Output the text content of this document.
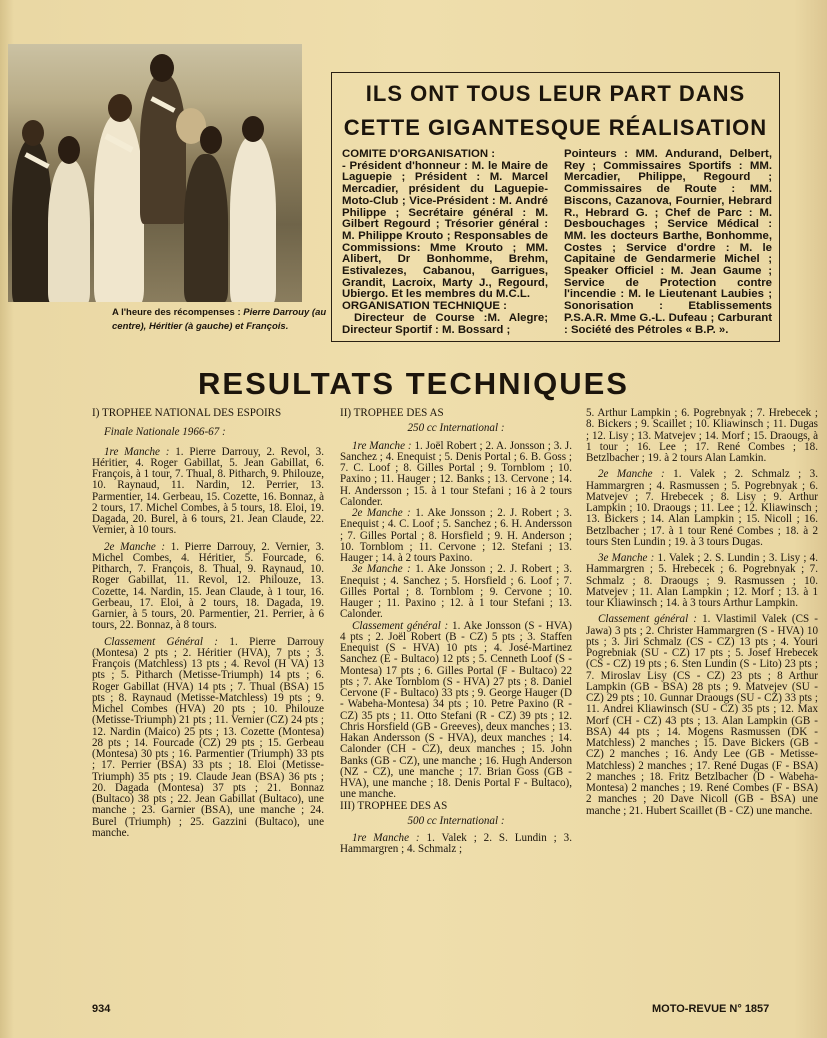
A l'heure des récompenses : Pierre Darrouy (au centre), Héritier (à gauche) et François.
ILS ONT TOUS LEUR PART DANS
CETTE GIGANTESQUE RÉALISATION

COMITE D'ORGANISATION :

- Président d'honneur : M. le Maire de Laguepie ; Président : M. Marcel Mercadier, président du Laguepie-Moto-Club ; Vice-Président : M. André Philippe ; Secrétaire général : M. Gilbert Regourd ; Trésorier général : M. Philippe Krouto ; Responsables de Commissions: Mme Krouto ; MM. Alibert, Dr Bonhomme, Brehm, Estivalezes, Cabanou, Garrigues, Grandit, Lacroix, Marty J., Regourd, Ubiergo. Et les membres du M.C.L.

ORGANISATION TECHNIQUE :

Directeur de Course :M. Alegre; Directeur Sportif : M. Bossard ;

Pointeurs : MM. Andurand, Delbert, Rey ; Commissaires Sportifs : MM. Mercadier, Philippe, Regourd ; Commissaires de Route : MM. Biscons, Cazanova, Fournier, Hebrard R., Hebrard G. ; Chef de Parc : M. Desbouchages ; Service Médical : MM. les docteurs Barthe, Bonhomme, Costes ; Service d'ordre : M. le Capitaine de Gendarmerie Michel ; Speaker Officiel : M. Jean Gaume ; Service de Protection contre l'incendie : M. le Lieutenant Laubies ; Sonorisation : Etablissements P.S.A.R. Mme G.-L. Dufeau ; Carburant : Société des Pétroles « B.P. ».

RESULTATS TECHNIQUES

I) TROPHEE NATIONAL DES ESPOIRS

Finale Nationale 1966-67 :

1re Manche : 1. Pierre Darrouy, 2. Revol, 3. Héritier, 4. Roger Gabillat, 5. Jean Gabillat, 6. François, à 1 tour, 7. Thual, 8. Pitharch, 9. Philouze, 10. Raynaud, 11. Nardin, 12. Perrier, 13. Parmentier, 14. Gerbeau, 15. Cozette, 16. Bonnaz, à 2 tours, 17. Michel Combes, à 5 tours, 18. Eloi, 19. Dagada, 20. Burel, à 6 tours, 21. Jean Claude, 22. Vernier, à 10 tours.

2e Manche : 1. Pierre Darrouy, 2. Vernier, 3. Michel Combes, 4. Héritier, 5. Fourcade, 6. Pitharch, 7. François, 8. Thual, 9. Raynaud, 10. Roger Gabillat, 11. Revol, 12. Philouze, 13. Cozette, 14. Nardin, 15. Jean Claude, à 1 tour, 16. Gerbeau, 17. Eloi, à 2 tours, 18. Dagada, 19. Garnier, à 5 tours, 20. Parmentier, 21. Perrier, à 6 tours, 22. Bonnaz, à 8 tours.

Classement Général : 1. Pierre Darrouy (Montesa) 2 pts ; 2. Héritier (HVA), 7 pts ; 3. François (Matchless) 13 pts ; 4. Revol (H VA) 13 pts ; 5. Pitharch (Metisse-Triumph) 14 pts ; 6. Roger Gabillat (HVA) 14 pts ; 7. Thual (BSA) 15 pts ; 8. Raynaud (Metisse-Matchless) 19 pts ; 9. Michel Combes (HVA) 20 pts ; 10. Philouze (Metisse-Triumph) 21 pts ; 11. Vernier (CZ) 24 pts ; 12. Nardin (Maico) 25 pts ; 13. Cozette (Montesa) 28 pts ; 14. Fourcade (CZ) 29 pts ; 15. Gerbeau (Montesa) 30 pts ; 16. Parmentier (Triumph) 33 pts ; 17. Perrier (BSA) 33 pts ; 18. Eloi (Metisse-Triumph) 35 pts ; 19. Claude Jean (BSA) 36 pts ; 20. Dagada (Montesa) 37 pts ; 21. Bonnaz (Bultaco) 38 pts ; 22. Jean Gabillat (Bultaco), une manche ; 23. Garnier (BSA), une manche ; 24. Burel (Triumph) ; 25. Gazzini (Bultaco), une manche.

II) TROPHEE DES AS

250 cc International :

1re Manche : 1. Joël Robert ; 2. A. Jonsson ; 3. J. Sanchez ; 4. Enequist ; 5. Denis Portal ; 6. B. Goss ; 7. C. Loof ; 8. Gilles Portal ; 9. Tornblom ; 10. Paxino ; 11. Hauger ; 12. Banks ; 13. Cervone ; 14. H. Andersson ; 15. à 1 tour Stefani ; 16 à 2 tours Calonder.

2e Manche : 1. Ake Jonsson ; 2. J. Robert ; 3. Enequist ; 4. C. Loof ; 5. Sanchez ; 6. H. Andersson ; 7. Gilles Portal ; 8. Horsfield ; 9. H. Anderson ; 10. Tornblom ; 11. Cervone ; 12. Stefani ; 13. Hauger ; 14. à 2 tours Paxino.

3e Manche : 1. Ake Jonsson ; 2. J. Robert ; 3. Enequist ; 4. Sanchez ; 5. Horsfield ; 6. Loof ; 7. Gilles Portal ; 8. Tornblom ; 9. Cervone ; 10. Hauger ; 11. Paxino ; 12. à 1 tour Stefani ; 13. Calonder.

Classement général : 1. Ake Jonsson (S - HVA) 4 pts ; 2. Joël Robert (B - CZ) 5 pts ; 3. Staffen Enequist (S - HVA) 10 pts ; 4. José-Martinez Sanchez (E - Bultaco) 12 pts ; 5. Cenneth Loof (S - Montesa) 17 pts ; 6. Gilles Portal (F - Bultaco) 22 pts ; 7. Ake Tornblom (S - HVA) 27 pts ; 8. Daniel Cervone (F - Bultaco) 33 pts ; 9. George Hauger (D - Wabeha-Montesa) 34 pts ; 10. Petre Paxino (R - CZ) 35 pts ; 11. Otto Stefani (R - CZ) 39 pts ; 12. Chris Horsfield (GB - Greeves), deux manches ; 13. Hakan Andersson (S - HVA), deux manches ; 14. Calonder (CH - CZ), deux manches ; 15. John Banks (GB - CZ), une manche ; 16. Hugh Anderson (NZ - CZ), une manche ; 17. Brian Goss (GB - HVA), une manche ; 18. Denis Portal F - Bultaco), une manche.

III) TROPHEE DES AS

500 cc International :

1re Manche : 1. Valek ; 2. S. Lundin ; 3. Hammargren ; 4. Schmalz ;

5. Arthur Lampkin ; 6. Pogrebnyak ; 7. Hrebecek ; 8. Bickers ; 9. Scaillet ; 10. Kliawinsch ; 11. Dugas ; 12. Lisy ; 13. Matvejev ; 14. Morf ; 15. Draougs, à 1 tour ; 16. Lee ; 17. René Combes ; 18. Betzlbacher ; 19. à 2 tours Alan Lamkin.

2e Manche : 1. Valek ; 2. Schmalz ; 3. Hammargren ; 4. Rasmussen ; 5. Pogrebnyak ; 6. Matvejev ; 7. Hrebecek ; 8. Lisy ; 9. Arthur Lampkin ; 10. Draougs ; 11. Lee ; 12. Kliawinsch ; 13. Bickers ; 14. Alan Lampkin ; 15. Nicoll ; 16. Betzlbacher ; 17. à 1 tour René Combes ; 18. à 2 tours Sten Lundin ; 19. à 3 tours Dugas.

3e Manche : 1. Valek ; 2. S. Lundin ; 3. Lisy ; 4. Hammargren ; 5. Hrebecek ; 6. Pogrebnyak ; 7. Schmalz ; 8. Draougs ; 9. Rasmussen ; 10. Matvejev ; 11. Alan Lampkin ; 12. Morf ; 13. à 1 tour Kliawinsch ; 14. à 3 tours Arthur Lampkin.

Classement général : 1. Vlastimil Valek (CS - Jawa) 3 pts ; 2. Christer Hammargren (S - HVA) 10 pts ; 3. Jiri Schmalz (CS - CZ) 13 pts ; 4. Youri Pogrebniak (SU - CZ) 17 pts ; 5. Josef Hrebecek (CS - CZ) 19 pts ; 6. Sten Lundin (S - Lito) 23 pts ; 7. Miroslav Lisy (CS - CZ) 23 pts ; 8 Arthur Lampkin (GB - BSA) 28 pts ; 9. Matvejev (SU - CZ) 29 pts ; 10. Gunnar Draougs (SU - CZ) 33 pts ; 11. Andrei Kliawinsch (SU - CZ) 35 pts ; 12. Max Morf (CH - CZ) 43 pts ; 13. Alan Lampkin (GB - BSA) 44 pts ; 14. Mogens Rasmussen (DK - Matchless) 2 manches ; 15. Dave Bickers (GB - CZ) 2 manches ; 16. Andy Lee (GB - Metisse-Matchless) 2 manches ; 17. René Dugas (F - BSA) 2 manches ; 18. Fritz Betzlbacher (D - Wabeha-Montesa) 2 manches ; 19. René Combes (F - BSA) 2 manches ; 20 Dave Nicoll (GB - BSA) une manche ; 21. Hubert Scaillet (B - CZ) une manche.

934	MOTO-REVUE N° 1857
